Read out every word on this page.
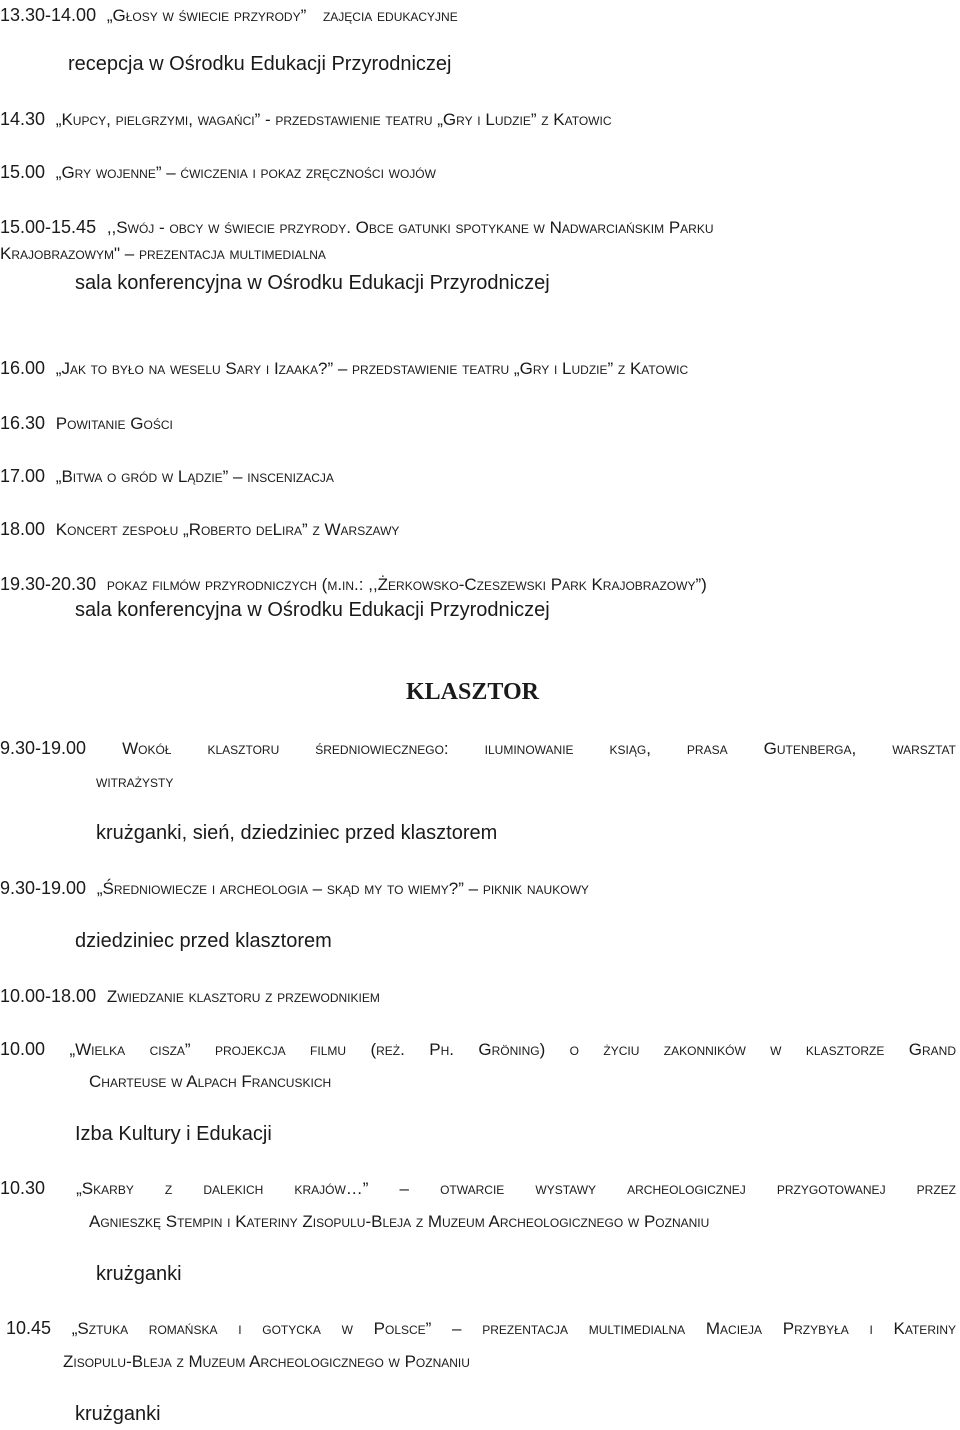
13.30-14.00 „Głosy w świecie przyrody” zajęcia edukacyjne
recepcja w Ośrodku Edukacji Przyrodniczej
14.30 „Kupcy, pielgrzymi, wagańci” - przedstawienie teatru „Gry i Ludzie” z Katowic
15.00 „Gry wojenne” – ćwiczenia i pokaz zręczności wojów
15.00-15.45 ,,Swój - obcy w świecie przyrody. Obce gatunki spotykane w Nadwarciańskim Parku
Krajobrazowym" – prezentacja multimedialna
sala konferencyjna w Ośrodku Edukacji Przyrodniczej
16.00 „Jak to było na weselu Sary i Izaaka?” – przedstawienie teatru „Gry i Ludzie” z Katowic
16.30 Powitanie Gości
17.00 „Bitwa o gród w Lądzie” – inscenizacja
18.00 Koncert zespołu „Roberto deLira” z Warszawy
19.30-20.30 pokaz filmów przyrodniczych (m.in.: ,,Żerkowsko-Czeszewski Park Krajobrazowy”)
sala konferencyjna w Ośrodku Edukacji Przyrodniczej
KLASZTOR
9.30-19.00 Wokół klasztoru średniowiecznego: iluminowanie ksiąg, prasa Gutenberga, warsztat
witrażysty
krużganki, sień, dziedziniec przed klasztorem
9.30-19.00 „Średniowiecze i archeologia – skąd my to wiemy?” – piknik naukowy
dziedziniec przed klasztorem
10.00-18.00 Zwiedzanie klasztoru z przewodnikiem
10.00 „Wielka cisza” projekcja filmu (reż. Ph. Gröning) o życiu zakonników w klasztorze Grand
Charteuse w Alpach Francuskich
Izba Kultury i Edukacji
10.30 „Skarby z dalekich krajów…” – otwarcie wystawy archeologicznej przygotowanej przez
Agnieszkę Stempin i Kateriny Zisopulu-Bleja z Muzeum Archeologicznego w Poznaniu
krużganki
10.45 „Sztuka romańska i gotycka w Polsce” – prezentacja multimedialna Macieja Przybyła i Kateriny
Zisopulu-Bleja z Muzeum Archeologicznego w Poznaniu
krużganki
